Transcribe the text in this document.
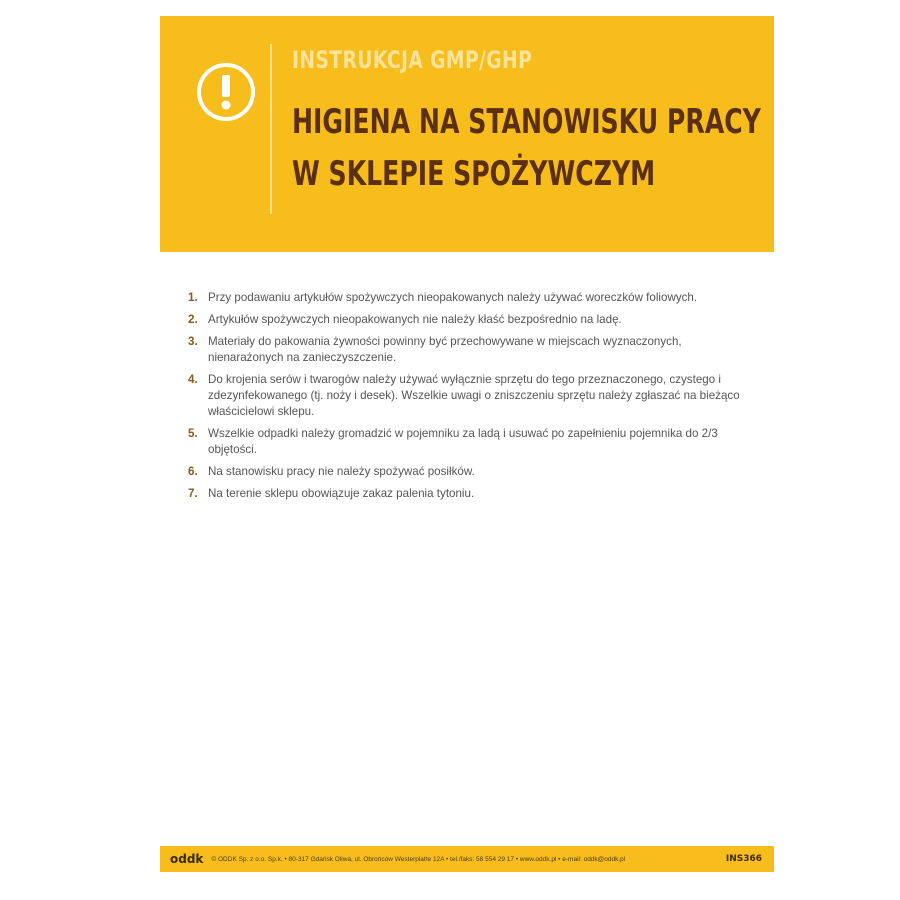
INSTRUKCJA GMP/GHP
HIGIENA NA STANOWISKU PRACY
W SKLEPIE SPOŻYWCZYM
1. Przy podawaniu artykułów spożywczych nieopakowanych należy używać woreczków foliowych.
2. Artykułów spożywczych nieopakowanych nie należy kłaść bezpośrednio na ladę.
3. Materiały do pakowania żywności powinny być przechowywane w miejscach wyznaczonych, nienarażonych na zanieczyszczenie.
4. Do krojenia serów i twarogów należy używać wyłącznie sprzętu do tego przeznaczonego, czystego i zdezynfekowanego (tj. noży i desek). Wszelkie uwagi o zniszczeniu sprzętu należy zgłaszać na bieżąco właścicielowi sklepu.
5. Wszelkie odpadki należy gromadzić w pojemniku za ladą i usuwać po zapełnieniu pojemnika do 2/3 objętości.
6. Na stanowisku pracy nie należy spożywać posiłków.
7. Na terenie sklepu obowiązuje zakaz palenia tytoniu.
oddk © ODDK Sp. z o.o. Sp.k. • 80-317 Gdańsk Oliwa, ul. Obrońców Westerplatte 12A • tel./faks: 58 554 29 17 • www.oddk.pl • e-mail: oddk@oddk.pl	INS366
